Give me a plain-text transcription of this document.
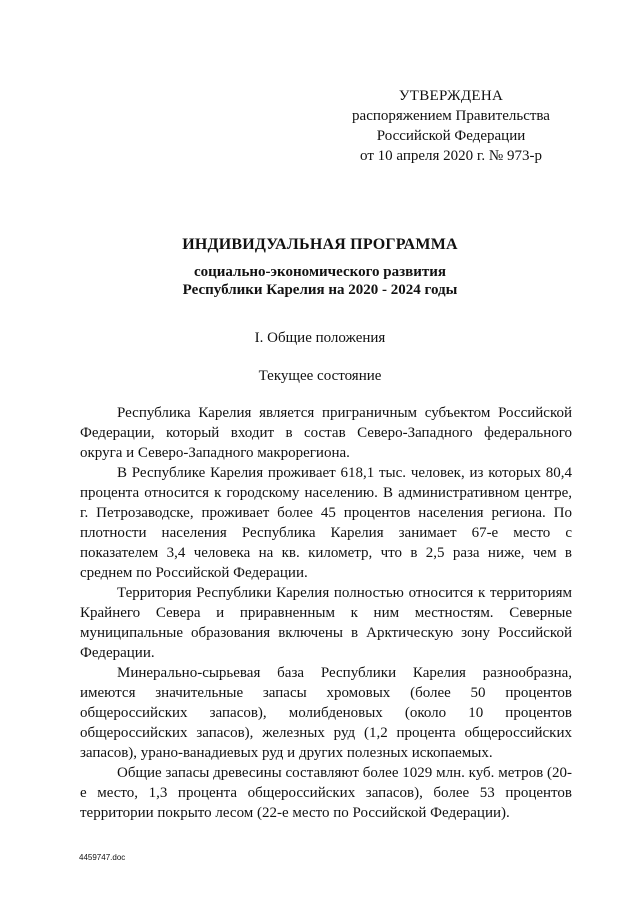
УТВЕРЖДЕНА
распоряжением Правительства
Российской Федерации
от 10 апреля 2020 г. № 973-р
ИНДИВИДУАЛЬНАЯ ПРОГРАММА
социально-экономического развития
Республики Карелия на 2020 - 2024 годы
I. Общие положения
Текущее состояние

Республика Карелия является приграничным субъектом Российской Федерации, который входит в состав Северо-Западного федерального округа и Северо-Западного макрорегиона.

В Республике Карелия проживает 618,1 тыс. человек, из которых 80,4 процента относится к городскому населению. В административном центре, г. Петрозаводске, проживает более 45 процентов населения региона. По плотности населения Республика Карелия занимает 67-е место с показателем 3,4 человека на кв. километр, что в 2,5 раза ниже, чем в среднем по Российской Федерации.

Территория Республики Карелия полностью относится к территориям Крайнего Севера и приравненным к ним местностям. Северные муниципальные образования включены в Арктическую зону Российской Федерации.

Минерально-сырьевая база Республики Карелия разнообразна, имеются значительные запасы хромовых (более 50 процентов общероссийских запасов), молибденовых (около 10 процентов общероссийских запасов), железных руд (1,2 процента общероссийских запасов), урано-ванадиевых руд и других полезных ископаемых.

Общие запасы древесины составляют более 1029 млн. куб. метров (20-е место, 1,3 процента общероссийских запасов), более 53 процентов территории покрыто лесом (22-е место по Российской Федерации).

4459747.doc
